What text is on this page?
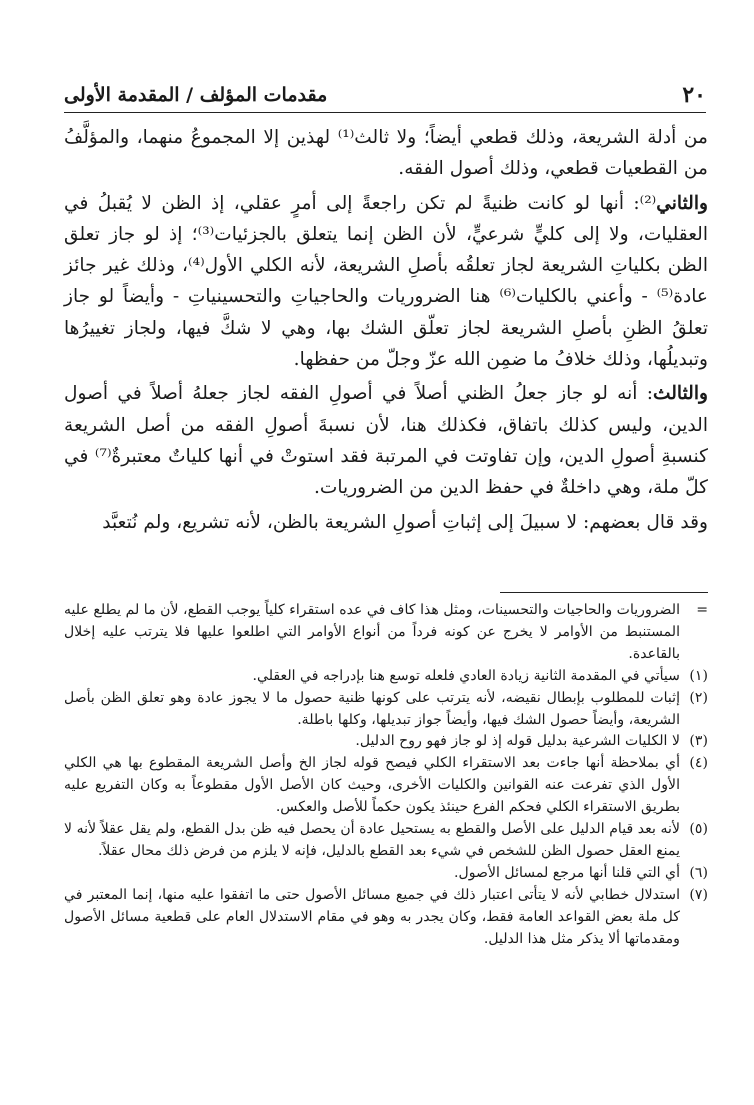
٢٠
مقدمات المؤلف / المقدمة الأولى

من أدلة الشريعة، وذلك قطعي أيضاً؛ ولا ثالث⁽¹⁾ لهذين إلا المجموعُ منهما، والمؤلَّفُ من القطعيات قطعي، وذلك أصول الفقه.

والثاني⁽²⁾: أنها لو كانت ظنيةً لم تكن راجعةً إلى أمرٍ عقلي، إذ الظن لا يُقبلُ في العقليات، ولا إلى كليٍّ شرعيٍّ، لأن الظن إنما يتعلق بالجزئيات⁽³⁾؛ إذ لو جاز تعلق الظن بكلياتِ الشريعة لجاز تعلقُه بأصلِ الشريعة، لأنه الكلي الأول⁽⁴⁾، وذلك غير جائز عادة⁽⁵⁾ - وأعني بالكليات⁽⁶⁾ هنا الضروريات والحاجياتِ والتحسينياتِ - وأيضاً لو جاز تعلقُ الظنِ بأصلِ الشريعة لجاز تعلّق الشك بها، وهي لا شكَّ فيها، ولجاز تغييرُها وتبديلُها، وذلك خلافُ ما ضمِن الله عزّ وجلّ من حفظها.

والثالث: أنه لو جاز جعلُ الظني أصلاً في أصولِ الفقه لجاز جعلهُ أصلاً في أصول الدين، وليس كذلك باتفاق، فكذلك هنا، لأن نسبةَ أصولِ الفقه من أصل الشريعة كنسبةِ أصولِ الدين، وإن تفاوتت في المرتبة فقد استوتْ في أنها كلياتٌ معتبرةٌ⁽⁷⁾ في كلّ ملة، وهي داخلةٌ في حفظ الدين من الضروريات.

وقد قال بعضهم: لا سبيلَ إلى إثباتِ أصولِ الشريعة بالظن، لأنه تشريع، ولم نُتعبَّد

=
الضروريات والحاجيات والتحسينات، ومثل هذا كاف في عده استقراء كلياً يوجب القطع، لأن ما لم يطلع عليه المستنبط من الأوامر لا يخرج عن كونه فرداً من أنواع الأوامر التي اطلعوا عليها فلا يترتب عليه إخلال بالقاعدة.
(١)
سيأتي في المقدمة الثانية زيادة العادي فلعله توسع هنا بإدراجه في العقلي.
(٢)
إثبات للمطلوب بإبطال نقيضه، لأنه يترتب على كونها ظنية حصول ما لا يجوز عادة وهو تعلق الظن بأصل الشريعة، وأيضاً حصول الشك فيها، وأيضاً جواز تبديلها، وكلها باطلة.
(٣)
لا الكليات الشرعية بدليل قوله إذ لو جاز فهو روح الدليل.
(٤)
أي بملاحظة أنها جاءت بعد الاستقراء الكلي فيصح قوله لجاز الخ وأصل الشريعة المقطوع بها هي الكلي الأول الذي تفرعت عنه القوانين والكليات الأخرى، وحيث كان الأصل الأول مقطوعاً به وكان التفريع عليه بطريق الاستقراء الكلي فحكم الفرع حينئذ يكون حكماً للأصل والعكس.
(٥)
لأنه بعد قيام الدليل على الأصل والقطع به يستحيل عادة أن يحصل فيه ظن بدل القطع، ولم يقل عقلاً لأنه لا يمنع العقل حصول الظن للشخص في شيء بعد القطع بالدليل، فإنه لا يلزم من فرض ذلك محال عقلاً.
(٦)
أي التي قلنا أنها مرجع لمسائل الأصول.
(٧)
استدلال خطابي لأنه لا يتأتى اعتبار ذلك في جميع مسائل الأصول حتى ما اتفقوا عليه منها، إنما المعتبر في كل ملة بعض القواعد العامة فقط، وكان يجدر به وهو في مقام الاستدلال العام على قطعية مسائل الأصول ومقدماتها ألا يذكر مثل هذا الدليل.
